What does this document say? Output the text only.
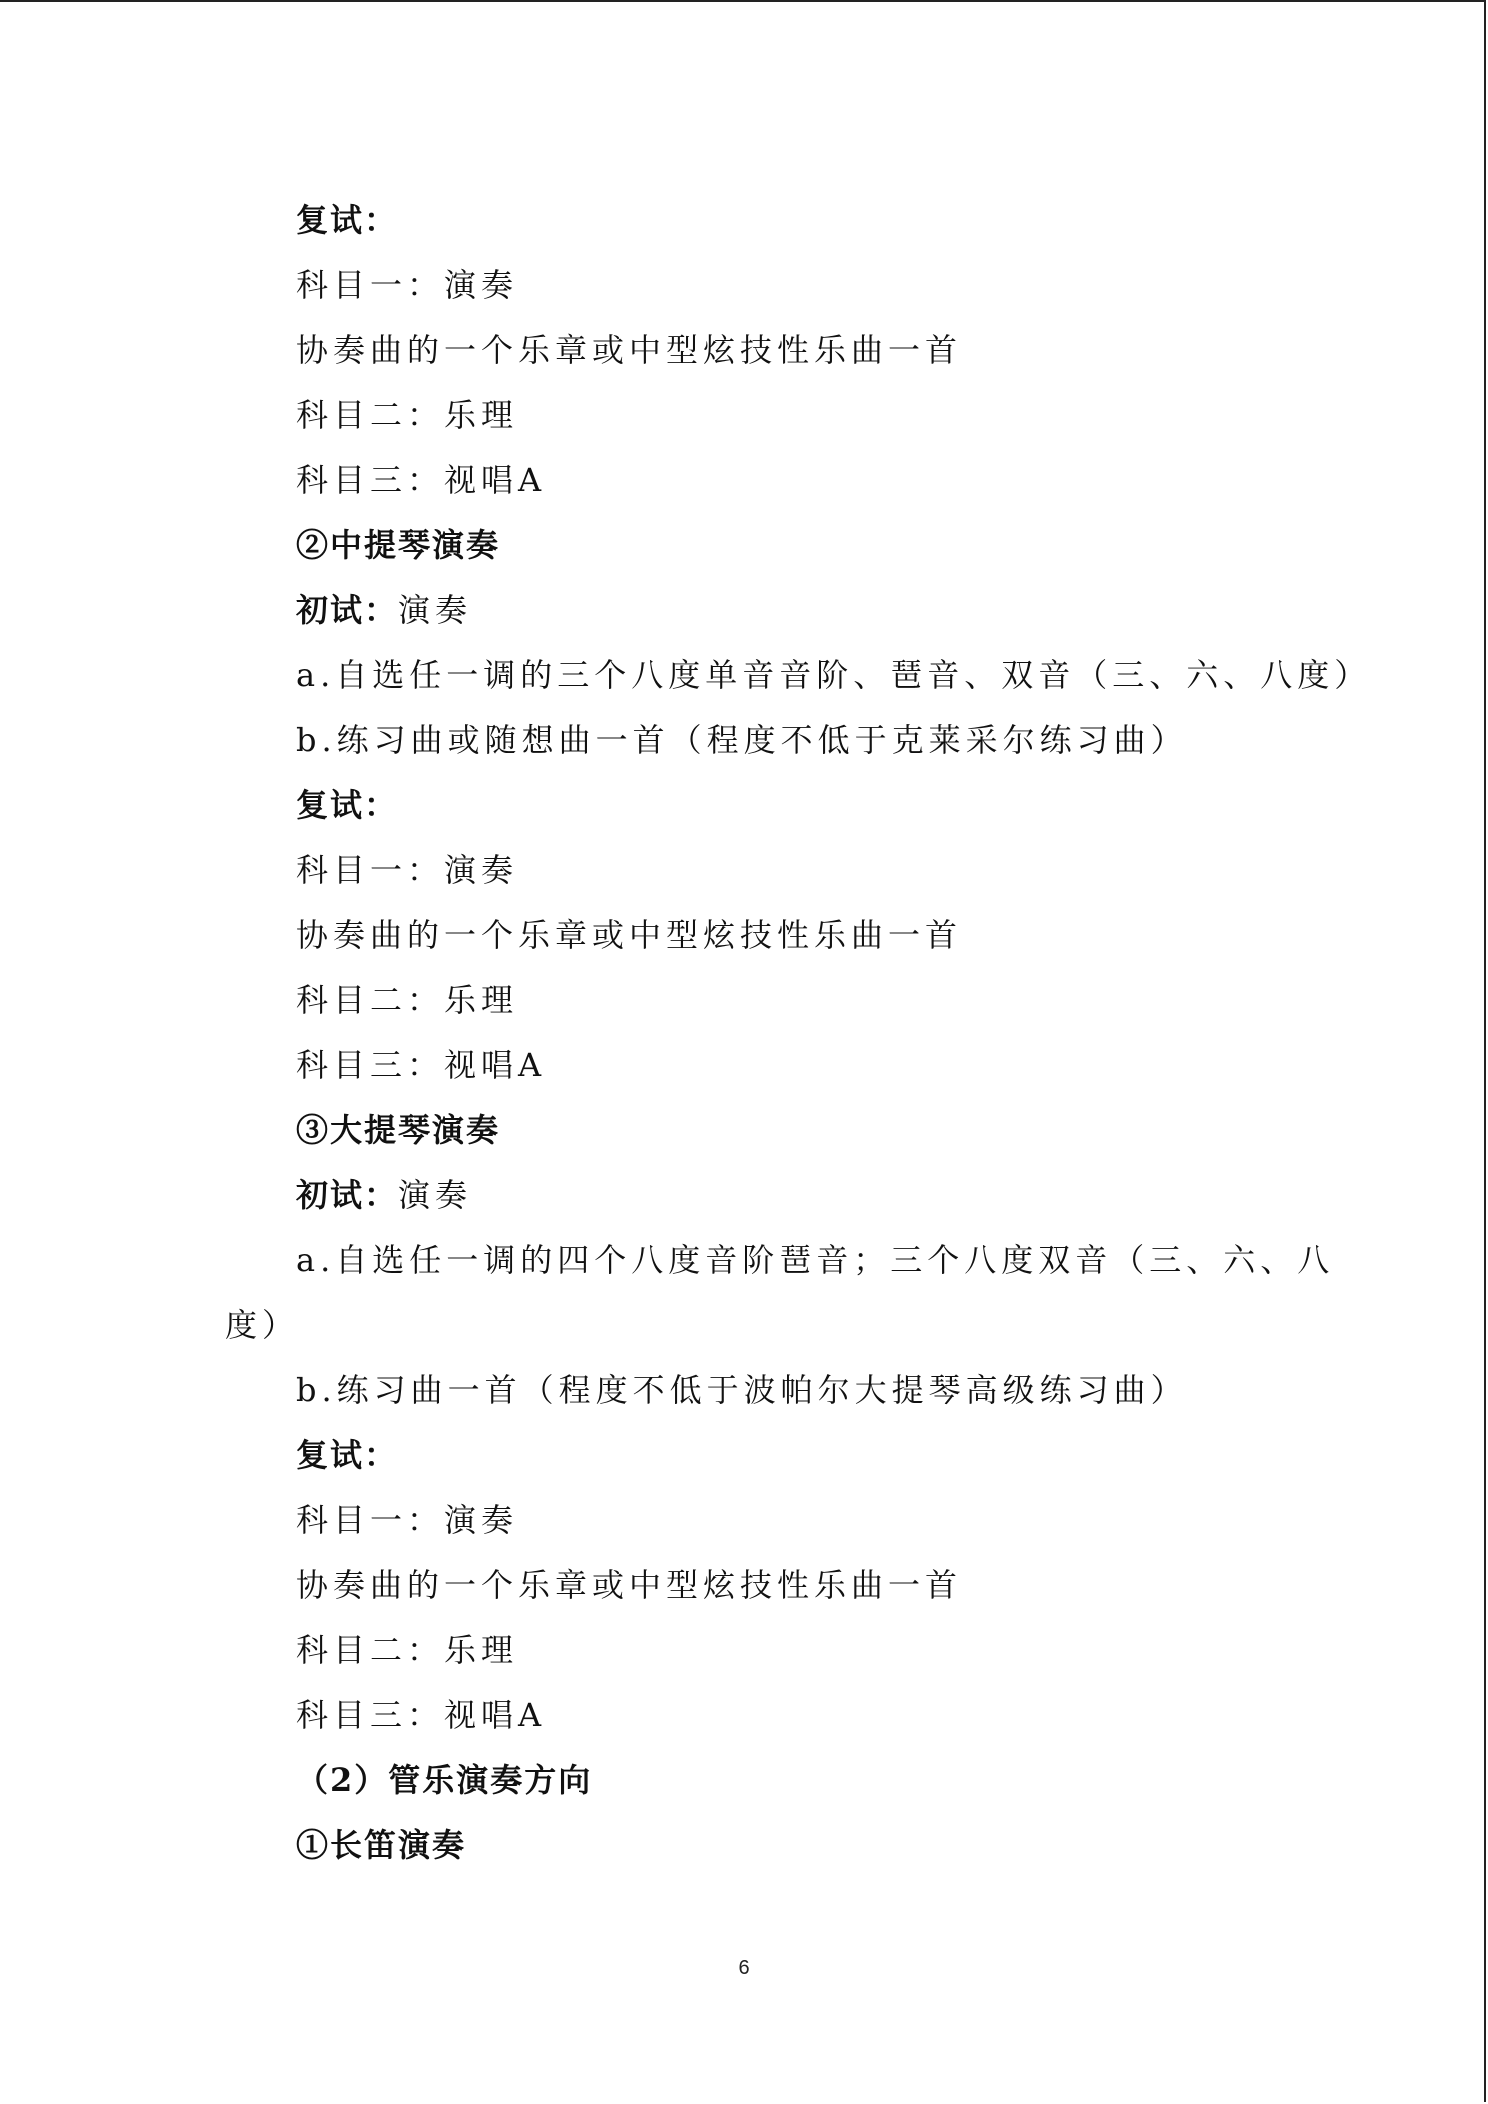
复试：
科目一：演奏
协奏曲的一个乐章或中型炫技性乐曲一首
科目二：乐理
科目三：视唱A
②中提琴演奏
初试：演奏
a.自选任一调的三个八度单音音阶、琶音、双音（三、六、八度）
b.练习曲或随想曲一首（程度不低于克莱采尔练习曲）
复试：
科目一：演奏
协奏曲的一个乐章或中型炫技性乐曲一首
科目二：乐理
科目三：视唱A
③大提琴演奏
初试：演奏
a.自选任一调的四个八度音阶琶音；三个八度双音（三、六、八
度）
b.练习曲一首（程度不低于波帕尔大提琴高级练习曲）
复试：
科目一：演奏
协奏曲的一个乐章或中型炫技性乐曲一首
科目二：乐理
科目三：视唱A
（2）管乐演奏方向
①长笛演奏
6
